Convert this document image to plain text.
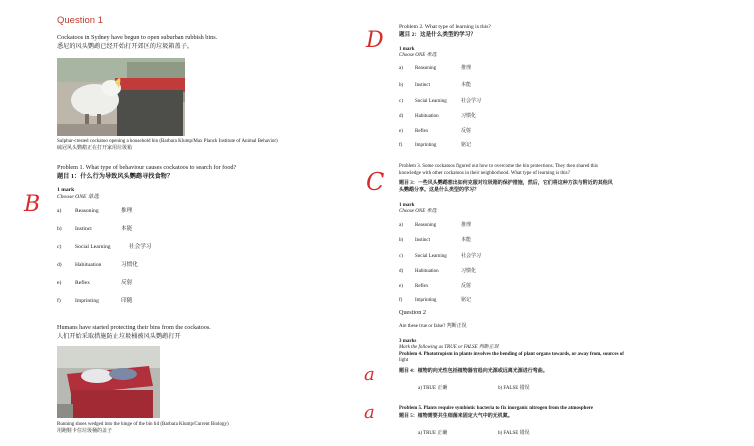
Question 1
Cockatoos in Sydney have begun to open suburban rubbish bins.
悉尼的风头鹦鹉已经开始打开郊区的垃圾箱盖子。
Sulphur-crested cockatoo opening a household bin (Barbara Klump/Max Planck Institute of Animal Behavior)
硫冠风头鹦鹉正在打开家用垃圾箱
Problem 1. What type of behaviour causes cockatoos to search for food?
题目 1：什么行为导致风头鹦鹉寻找食物？
1 mark
Choose ONE 单选
B	a) Reasoning	推理
b) Instinct	本能
c) Social Learning	社会学习
d) Habituation	习惯化
e) Reflex	反射
f)	Imprinting	印随
Humans have started protecting their bins from the cockatoos.
人们开始采取措施防止垃圾桶被风头鹦鹉打开
Running shoes wedged into the hinge of the bin lid (Barbara Klump/Current Biology)
用跑鞋卡住垃圾桶的盖子
Problem 2. What type of learning is this?
题目 2：这是什么类型的学习？
D	1 mark
Choose ONE 单选
a) Reasoning	推理
b) Instinct	本能
c) Social Learning	社会学习
d) Habituation	习惯化
e) Reflex	反射
f)	Imprinting	铭记
C
Problem 3. Some cockatoos figured out how to overcome the bin protections. They then shared this
knowledge with other cockatoos in their neighborhood. What type of learning is this?
题目 3：一些风头鹦鹉想出如何克服对垃圾箱的保护措施，然后，它们将这种方法与附近的其他风
头鹦鹉分享。这是什么类型的学习？
1 mark
Choose ONE 单选
a) Reasoning	推理
b) Instinct	本能
c) Social Learning	社会学习
d) Habituation	习惯化
e) Reflex	反射
f)	Imprinting	铭记
Question 2
Are these true or false? 判断正误
3 marks
Mark the following as TRUE or FALSE 判断正误
Problem 4. Phototropism in plants involves the bending of plant organs towards, or away from, sources of
light
题目 4：植物的向光性包括植物器官趋向光源或远离光源进行弯曲。
a
a) TRUE 正确	b) FALSE 错误
Problem 5. Plants require symbiotic bacteria to fix inorganic nitrogen from the atmosphere
题目 5：植物需要共生细菌来固定大气中的无机氮。
a
a) TRUE 正确	b) FALSE 错误
